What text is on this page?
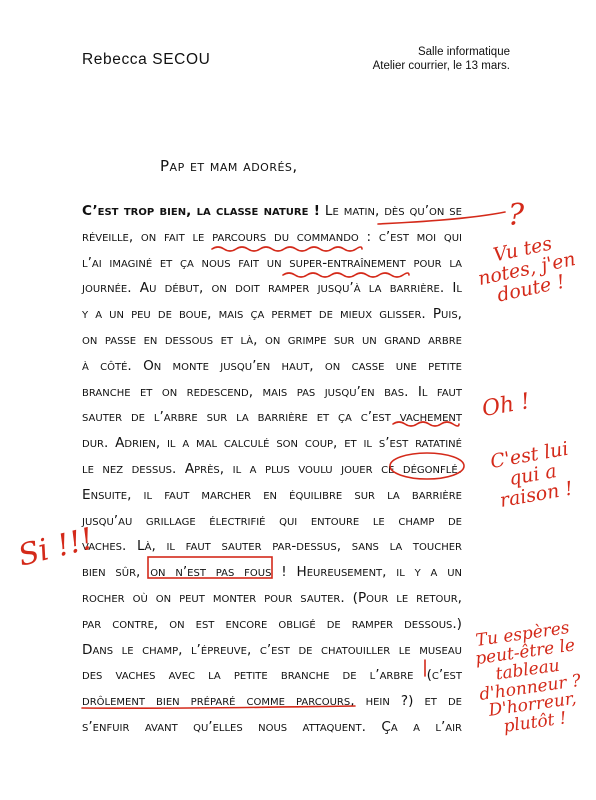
Rebecca SECOU	Salle informatique
Atelier courrier, le 13 mars.
Pap et mam adorés,
C’est trop bien, la classe nature ! Le matin, dès qu’on se
réveille, on fait le parcours du commando : c’est moi qui
l’ai imaginé et ça nous fait un super-entraînement pour la
journée. Au début, on doit ramper jusqu’à la barrière. Il
y a un peu de boue, mais ça permet de mieux glisser. Puis,
on passe en dessous et là, on grimpe sur un grand arbre
à côté. On monte jusqu’en haut, on casse une petite
branche et on redescend, mais pas jusqu’en bas. Il faut
sauter de l’arbre sur la barrière et ça c’est vachement
dur. Adrien, il a mal calculé son coup, et il s’est ratatiné
le nez dessus. Après, il a plus voulu jouer ce dégonflé.
Ensuite, il faut marcher en équilibre sur la barrière
jusqu’au grillage électrifié qui entoure le champ de
vaches. Là, il faut sauter par-dessus, sans la toucher
bien sûr, on n’est pas fous ! Heureusement, il y a un
rocher où on peut monter pour sauter. (Pour le retour,
par contre, on est encore obligé de ramper dessous.)
Dans le champ, l’épreuve, c’est de chatouiller le museau
des vaches avec la petite branche de l’arbre (c’est
drôlement bien préparé comme parcours, hein ?) et de
s’enfuir avant qu’elles nous attaquent. Ça a l’air
?
Vu tes notes, j'en doute !
Oh !
C'est lui qui a raison !
Si !!!
Tu espères peut-être le tableau d'honneur ? D'horreur, plutôt !
